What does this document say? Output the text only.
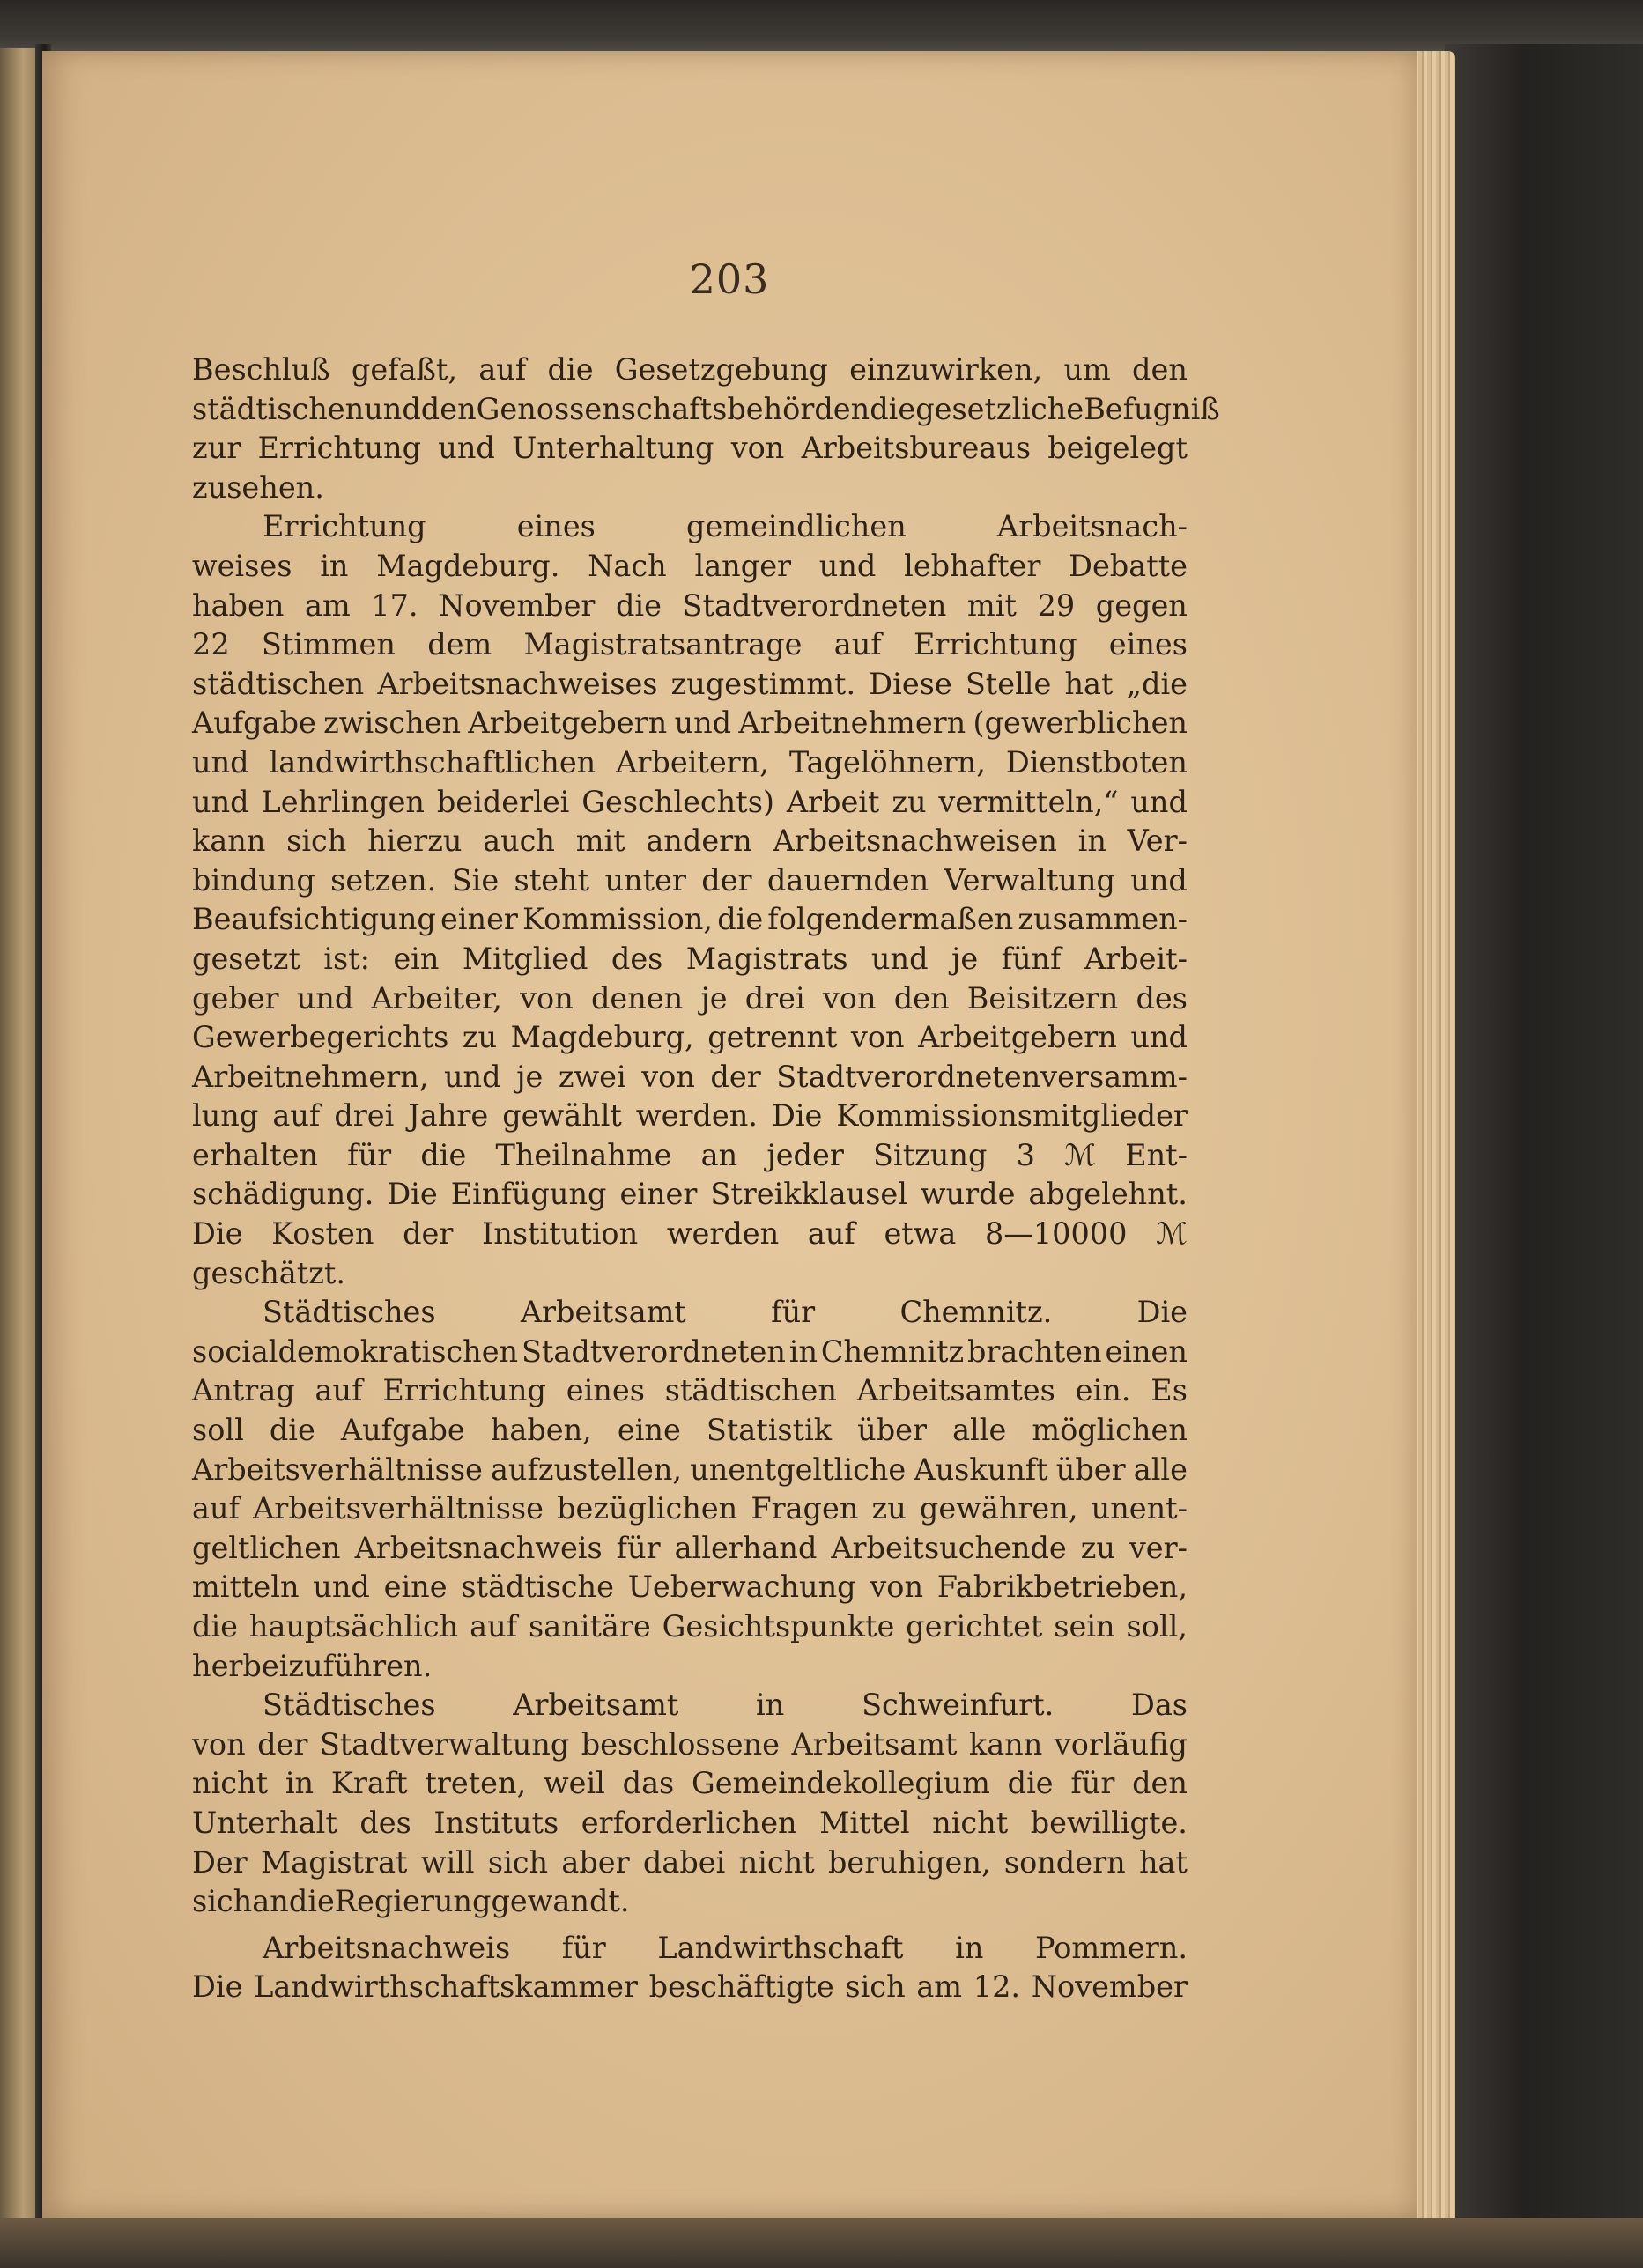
203
Beschluß gefaßt, auf die Gesetzgebung einzuwirken, um den
städtischen und den Genossenschaftsbehörden die gesetzliche Befugniß
zur Errichtung und Unterhaltung von Arbeitsbureaus beigelegt
zu sehen.
Errichtung	eines	gemeindlichen	Arbeitsnach-
weises in Magdeburg. Nach langer und lebhafter Debatte
haben am 17. November die Stadtverordneten mit 29 gegen
22 Stimmen dem Magistratsantrage auf Errichtung eines
städtischen Arbeitsnachweises zugestimmt. Diese Stelle hat „die
Aufgabe zwischen Arbeitgebern und Arbeitnehmern (gewerblichen
und landwirthschaftlichen Arbeitern, Tagelöhnern, Dienstboten
und Lehrlingen beiderlei Geschlechts) Arbeit zu vermitteln,“ und
kann sich hierzu auch mit andern Arbeitsnachweisen in Ver-
bindung setzen. Sie steht unter der dauernden Verwaltung und
Beaufsichtigung einer Kommission, die folgendermaßen zusammen-
gesetzt ist: ein Mitglied des Magistrats und je fünf Arbeit-
geber und Arbeiter, von denen je drei von den Beisitzern des
Gewerbegerichts zu Magdeburg, getrennt von Arbeitgebern und
Arbeitnehmern, und je zwei von der Stadtverordnetenversamm-
lung auf drei Jahre gewählt werden. Die Kommissionsmitglieder
erhalten für die Theilnahme an jeder Sitzung 3 ℳ Ent-
schädigung. Die Einfügung einer Streikklausel wurde abgelehnt.
Die Kosten der Institution werden auf etwa 8—10000 ℳ
geschätzt.
Städtisches	Arbeitsamt	für	Chemnitz.	Die
socialdemokratischen Stadtverordneten in Chemnitz brachten einen
Antrag auf Errichtung eines städtischen Arbeitsamtes ein. Es
soll die Aufgabe haben, eine Statistik über alle möglichen
Arbeitsverhältnisse aufzustellen, unentgeltliche Auskunft über alle
auf Arbeitsverhältnisse bezüglichen Fragen zu gewähren, unent-
geltlichen Arbeitsnachweis für allerhand Arbeitsuchende zu ver-
mitteln und eine städtische Ueberwachung von Fabrikbetrieben,
die hauptsächlich auf sanitäre Gesichtspunkte gerichtet sein soll,
herbeizuführen.
Städtisches	Arbeitsamt	in	Schweinfurt.	Das
von der Stadtverwaltung beschlossene Arbeitsamt kann vorläufig
nicht in Kraft treten, weil das Gemeindekollegium die für den
Unterhalt des Instituts erforderlichen Mittel nicht bewilligte.
Der Magistrat will sich aber dabei nicht beruhigen, sondern hat
sich an die Regierung gewandt.
Arbeitsnachweis für Landwirthschaft in Pommern.
Die Landwirthschaftskammer beschäftigte sich am 12. November
